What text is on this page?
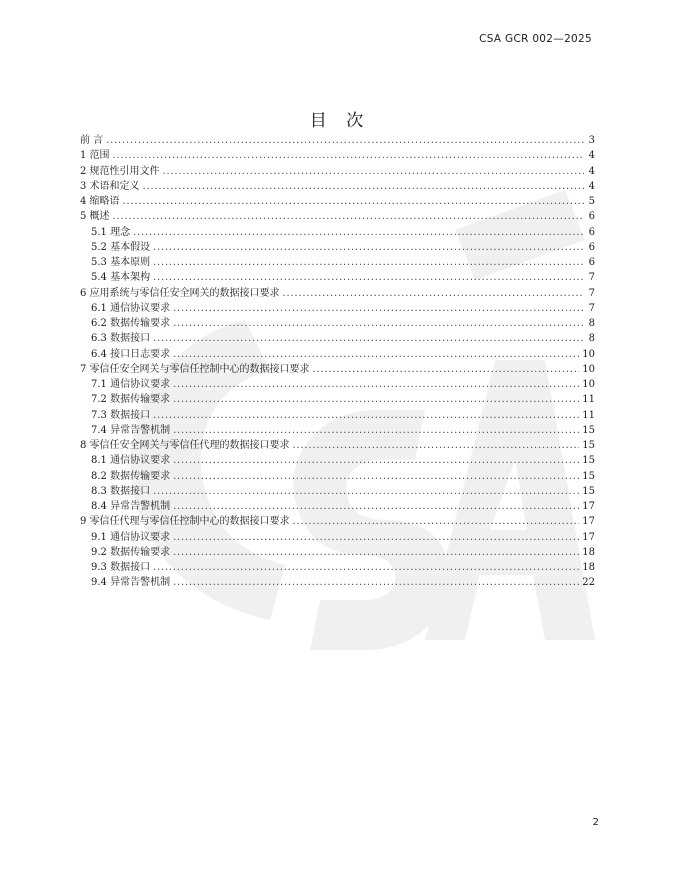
CSA GCR 002—2025
目 次
前 言 . . .	3
1 范围 . . .	4
2 规范性引用文件 . . .	4
3 术语和定义 . . .	4
4 缩略语 . . .	5
5 概述 . . .	6
5.1 理念 . . .	6
5.2 基本假设 . . .	6
5.3 基本原则 . . .	6
5.4 基本架构 . . .	7
6 应用系统与零信任安全网关的数据接口要求 . . .	7
6.1 通信协议要求 . . .	7
6.2 数据传输要求 . . .	8
6.3 数据接口 . . .	8
6.4 接口日志要求 . . .	10
7 零信任安全网关与零信任控制中心的数据接口要求 . . .	10
7.1 通信协议要求 . . .	10
7.2 数据传输要求 . . .	11
7.3 数据接口 . . .	11
7.4 异常告警机制 . . .	15
8 零信任安全网关与零信任代理的数据接口要求 . . .	15
8.1 通信协议要求 . . .	15
8.2 数据传输要求 . . .	15
8.3 数据接口 . . .	15
8.4 异常告警机制 . . .	17
9 零信任代理与零信任控制中心的数据接口要求 . . .	17
9.1 通信协议要求 . . .	17
9.2 数据传输要求 . . .	18
9.3 数据接口 . . .	18
9.4 异常告警机制 . . .	22
2
